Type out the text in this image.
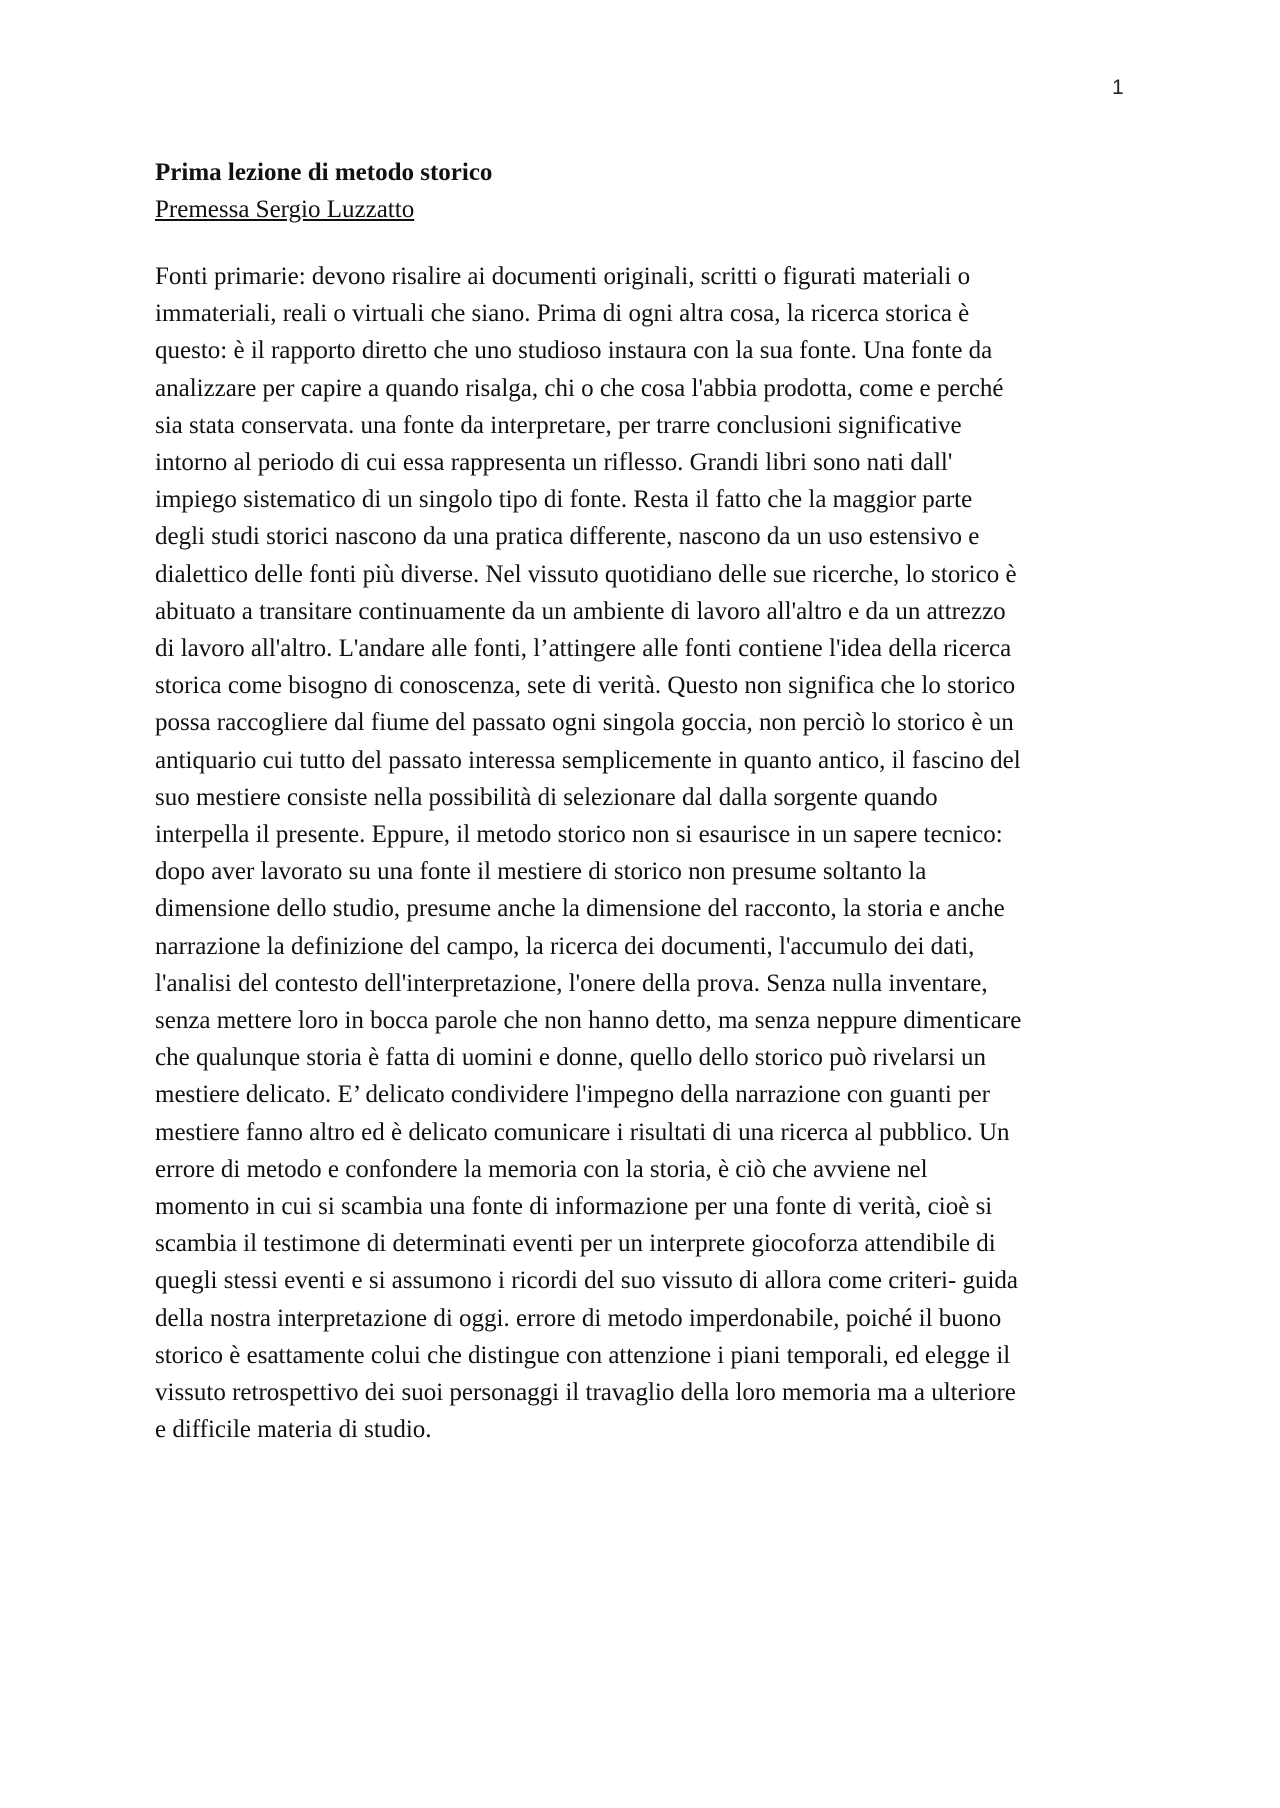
1
Prima lezione di metodo storico

Premessa Sergio Luzzatto

Fonti primarie: devono risalire ai documenti originali, scritti o figurati materiali o
immateriali, reali o virtuali che siano. Prima di ogni altra cosa, la ricerca storica è
questo: è il rapporto diretto che uno studioso instaura con la sua fonte. Una fonte da
analizzare per capire a quando risalga, chi o che cosa l'abbia prodotta, come e perché
sia stata conservata. una fonte da interpretare, per trarre conclusioni significative
intorno al periodo di cui essa rappresenta un riflesso. Grandi libri sono nati dall'
impiego sistematico di un singolo tipo di fonte. Resta il fatto che la maggior parte
degli studi storici nascono da una pratica differente, nascono da un uso estensivo e
dialettico delle fonti più diverse. Nel vissuto quotidiano delle sue ricerche, lo storico è
abituato a transitare continuamente da un ambiente di lavoro all'altro e da un attrezzo
di lavoro all'altro. L'andare alle fonti, l’attingere alle fonti contiene l'idea della ricerca
storica come bisogno di conoscenza, sete di verità. Questo non significa che lo storico
possa raccogliere dal fiume del passato ogni singola goccia, non perciò lo storico è un
antiquario cui tutto del passato interessa semplicemente in quanto antico, il fascino del
suo mestiere consiste nella possibilità di selezionare dal dalla sorgente quando
interpella il presente. Eppure, il metodo storico non si esaurisce in un sapere tecnico:
dopo aver lavorato su una fonte il mestiere di storico non presume soltanto la
dimensione dello studio, presume anche la dimensione del racconto, la storia e anche
narrazione la definizione del campo, la ricerca dei documenti, l'accumulo dei dati,
l'analisi del contesto dell'interpretazione, l'onere della prova. Senza nulla inventare,
senza mettere loro in bocca parole che non hanno detto, ma senza neppure dimenticare
che qualunque storia è fatta di uomini e donne, quello dello storico può rivelarsi un
mestiere delicato. E’ delicato condividere l'impegno della narrazione con guanti per
mestiere fanno altro ed è delicato comunicare i risultati di una ricerca al pubblico. Un
errore di metodo e confondere la memoria con la storia, è ciò che avviene nel
momento in cui si scambia una fonte di informazione per una fonte di verità, cioè si
scambia il testimone di determinati eventi per un interprete giocoforza attendibile di
quegli stessi eventi e si assumono i ricordi del suo vissuto di allora come criteri- guida
della nostra interpretazione di oggi. errore di metodo imperdonabile, poiché il buono
storico è esattamente colui che distingue con attenzione i piani temporali, ed elegge il
vissuto retrospettivo dei suoi personaggi il travaglio della loro memoria ma a ulteriore
e difficile materia di studio.
